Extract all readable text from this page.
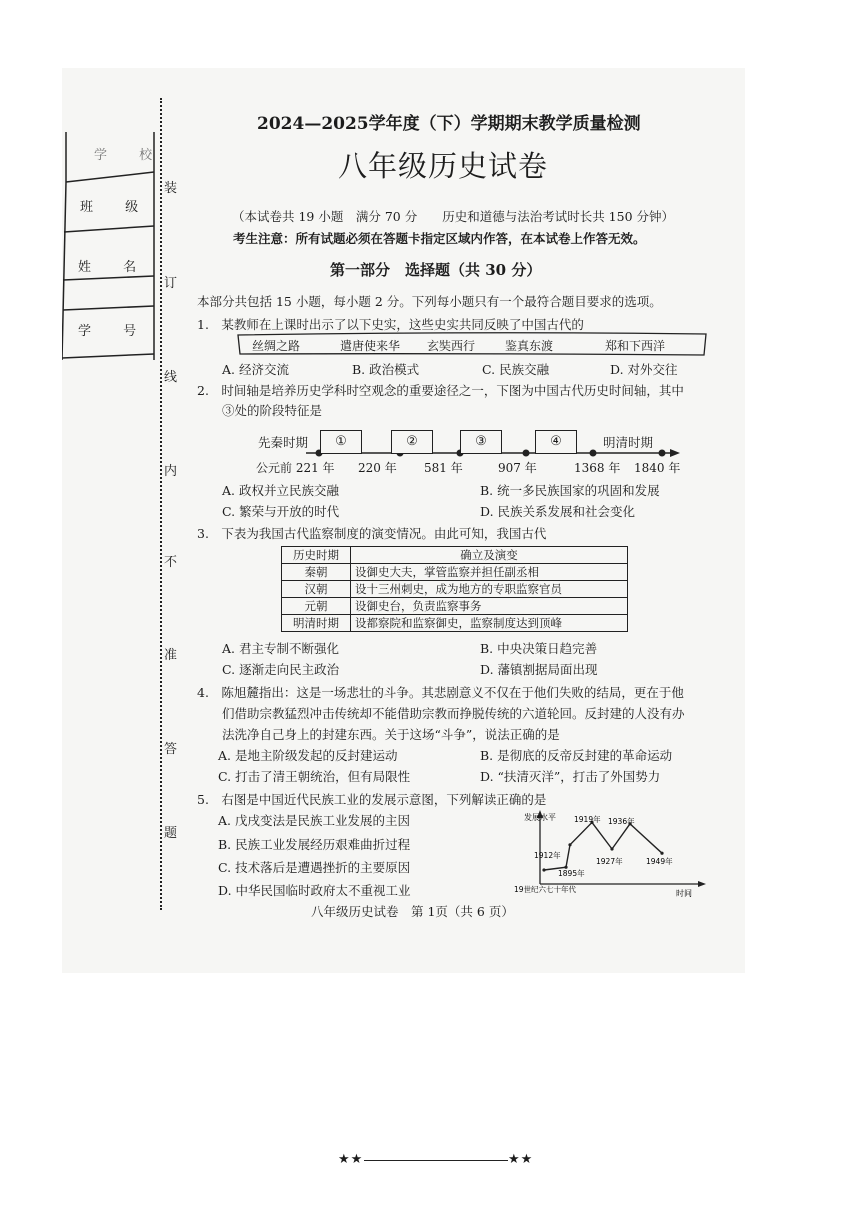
学 校
班 级
姓 名
学 号
装
订
线
内
不
准
答
题
2024—2025学年度（下）学期期末教学质量检测
八年级历史试卷
（本试卷共 19 小题　满分 70 分　　历史和道德与法治考试时长共 150 分钟）
考生注意：所有试题必须在答题卡指定区域内作答，在本试卷上作答无效。
第一部分　选择题（共 30 分）
本部分共包括 15 小题，每小题 2 分。下列每小题只有一个最符合题目要求的选项。
1.　某教师在上课时出示了以下史实，这些史实共同反映了中国古代的
丝绸之路	遣唐使来华 玄奘西行 鉴真东渡	郑和下西洋
A. 经济交流	B. 政治模式	C. 民族交融	D. 对外交往
2.　时间轴是培养历史学科时空观念的重要途径之一，下图为中国古代历史时间轴，其中
③处的阶段特征是
先秦时期	明清时期
①	②	③	④
公元前 221 年 220 年 581 年	907 年	1368 年 1840 年
A. 政权并立民族交融	B. 统一多民族国家的巩固和发展
C. 繁荣与开放的时代	D. 民族关系发展和社会变化
3.　下表为我国古代监察制度的演变情况。由此可知，我国古代
历史时期	确立及演变
秦朝	设御史大夫，掌管监察并担任副丞相
汉朝	设十三州刺史，成为地方的专职监察官员
元朝	设御史台，负责监察事务
明清时期	设都察院和监察御史，监察制度达到顶峰
A. 君主专制不断强化	B. 中央决策日趋完善
C. 逐渐走向民主政治	D. 藩镇割据局面出现
4.　陈旭麓指出：这是一场悲壮的斗争。其悲剧意义不仅在于他们失败的结局，更在于他
们借助宗教猛烈冲击传统却不能借助宗教而挣脱传统的六道轮回。反封建的人没有办
法洗净自己身上的封建东西。关于这场“斗争”，说法正确的是
A. 是地主阶级发起的反封建运动	B. 是彻底的反帝反封建的革命运动
C. 打击了清王朝统治，但有局限性	D. “扶清灭洋”，打击了外国势力
5.　右图是中国近代民族工业的发展示意图，下列解读正确的是
A. 戊戌变法是民族工业发展的主因
B. 民族工业发展经历艰难曲折过程
C. 技术落后是遭遇挫折的主要原因
D. 中华民国临时政府太不重视工业
发展水平
时间
19世纪六七十年代
1895年
1912年
1919年
1927年
1936年
1949年
八年级历史试卷　第 1页（共 6 页）
★★	★★
